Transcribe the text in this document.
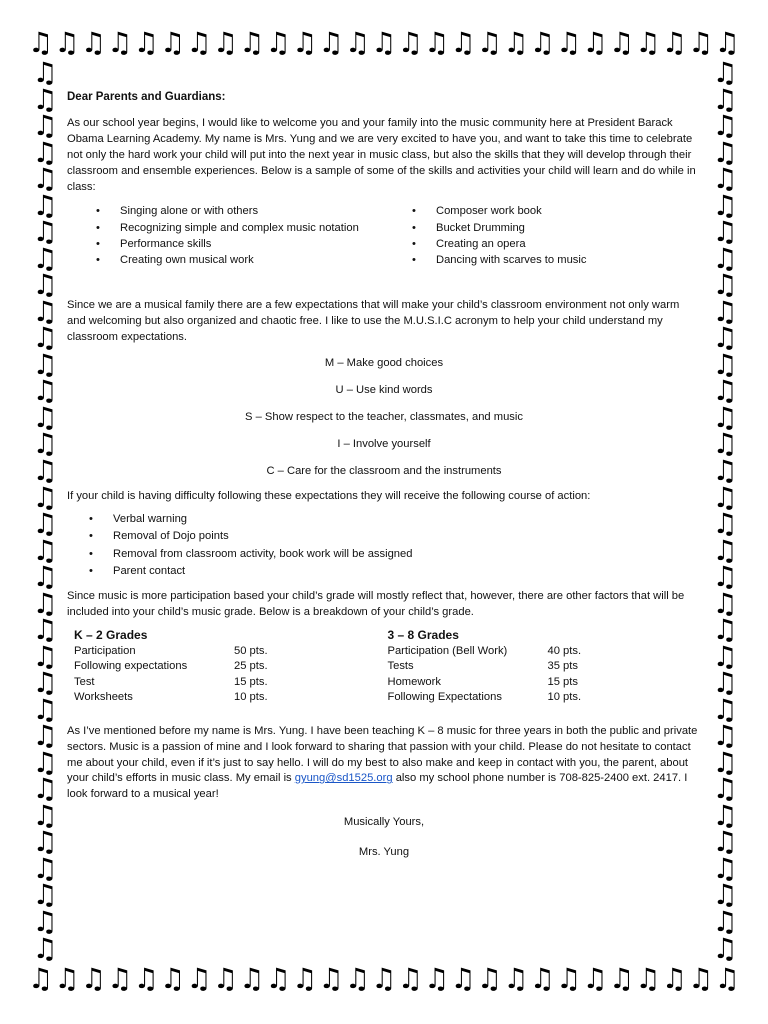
♫ ♫ ♫ ♫ ♫ ♫ ♫ ♫ ♫ ♫ ♫ ♫ ♫ ♫ ♫ ♫ ♫ ♫ ♫ ♫ ♫ ♫ ♫ ♫ ♫ ♫ ♫
♫
♫
♫
♫
♫
♫
♫
♫
♫
♫
♫
♫
♫
♫
♫
♫
♫
♫
♫
♫
♫
♫
♫
♫
♫
♫
♫
♫
♫
♫
♫
♫
♫
♫
♫
♫
♫
♫
♫
♫
♫
♫
♫
♫
♫
♫
♫
♫
♫
♫
♫
♫
♫
♫
♫
♫
♫
♫
♫
♫
♫
♫
♫
♫
♫
♫
♫
♫
♫ ♫ ♫ ♫ ♫ ♫ ♫ ♫ ♫ ♫ ♫ ♫ ♫ ♫ ♫ ♫ ♫ ♫ ♫ ♫ ♫ ♫ ♫ ♫ ♫ ♫ ♫

Dear Parents and Guardians:

As our school year begins, I would like to welcome you and your family into the music community here at President Barack Obama Learning Academy. My name is Mrs. Yung and we are very excited to have you, and want to take this time to celebrate not only the hard work your child will put into the next year in music class, but also the skills that they will develop through their classroom and ensemble experiences. Below is a sample of some of the skills and activities your child will learn and do while in class:

• Singing alone or with others
• Recognizing simple and complex music notation
• Performance skills
• Creating own musical work
• Composer work book
• Bucket Drumming
• Creating an opera
• Dancing with scarves to music

Since we are a musical family there are a few expectations that will make your child’s classroom environment not only warm and welcoming but also organized and chaotic free. I like to use the M.U.S.I.C acronym to help your child understand my classroom expectations.

M – Make good choices
U – Use kind words
S – Show respect to the teacher, classmates, and music
I – Involve yourself
C – Care for the classroom and the instruments

If your child is having difficulty following these expectations they will receive the following course of action:

• Verbal warning
• Removal of Dojo points
• Removal from classroom activity, book work will be assigned
• Parent contact

Since music is more participation based your child’s grade will mostly reflect that, however, there are other factors that will be included into your child’s music grade. Below is a breakdown of your child’s grade.

K – 2 Grades
Participation	50 pts.
Following expectations	25 pts.
Test	15 pts.
Worksheets	10 pts.
3 – 8 Grades
Participation (Bell Work)	40 pts.
Tests	35 pts
Homework	15 pts
Following Expectations	10 pts.

As I’ve mentioned before my name is Mrs. Yung. I have been teaching K – 8 music for three years in both the public and private sectors. Music is a passion of mine and I look forward to sharing that passion with your child. Please do not hesitate to contact me about your child, even if it’s just to say hello. I will do my best to also make and keep in contact with you, the parent, about your child’s efforts in music class. My email is gyung@sd1525.org also my school phone number is 708-825-2400 ext. 2417. I look forward to a musical year!

Musically Yours,

Mrs. Yung
